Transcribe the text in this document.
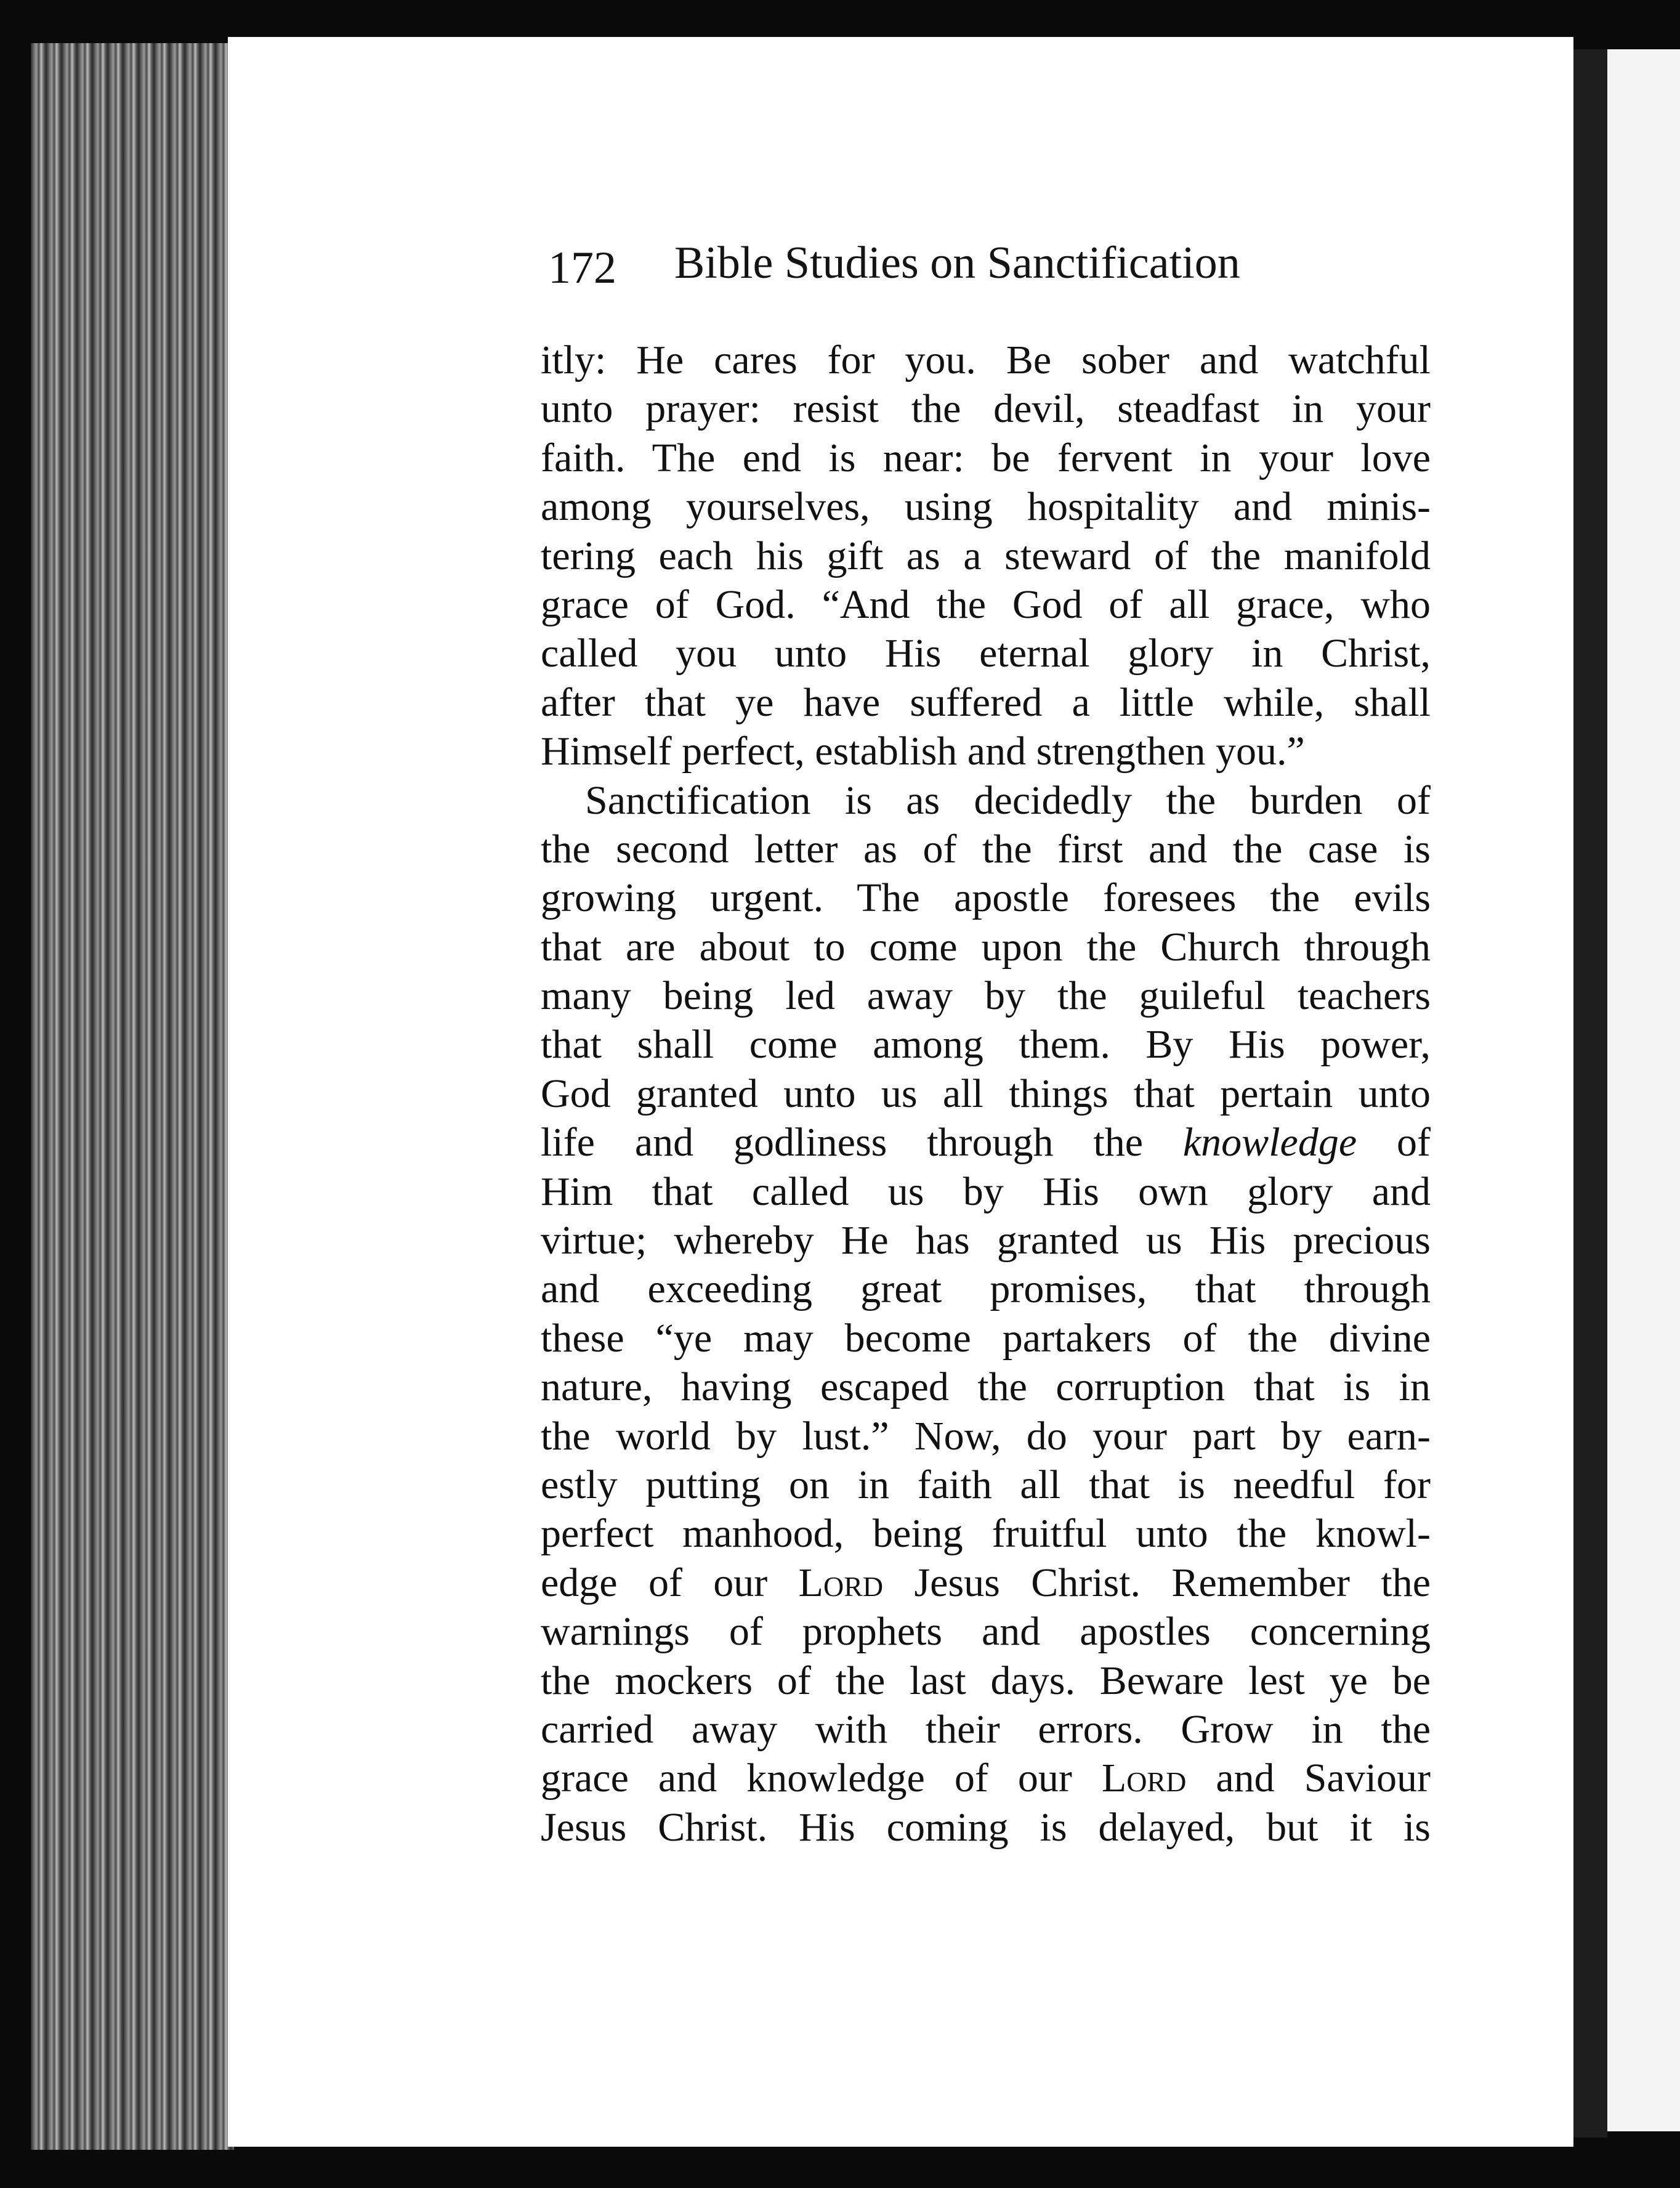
172 Bible Studies on Sanctification
itly: He cares for you. Be sober and watchful
unto prayer: resist the devil, steadfast in your
faith. The end is near: be fervent in your love
among yourselves, using hospitality and minis-
tering each his gift as a steward of the manifold
grace of God. “And the God of all grace, who
called you unto His eternal glory in Christ,
after that ye have suffered a little while, shall
Himself perfect, establish and strengthen you.”
Sanctification is as decidedly the burden of
the second letter as of the first and the case is
growing urgent. The apostle foresees the evils
that are about to come upon the Church through
many being led away by the guileful teachers
that shall come among them. By His power,
God granted unto us all things that pertain unto
life and godliness through the knowledge of
Him that called us by His own glory and
virtue; whereby He has granted us His precious
and exceeding great promises, that through
these “ye may become partakers of the divine
nature, having escaped the corruption that is in
the world by lust.” Now, do your part by earn-
estly putting on in faith all that is needful for
perfect manhood, being fruitful unto the knowl-
edge of our Lord Jesus Christ. Remember the
warnings of prophets and apostles concerning
the mockers of the last days. Beware lest ye be
carried away with their errors. Grow in the
grace and knowledge of our Lord and Saviour
Jesus Christ. His coming is delayed, but it is
